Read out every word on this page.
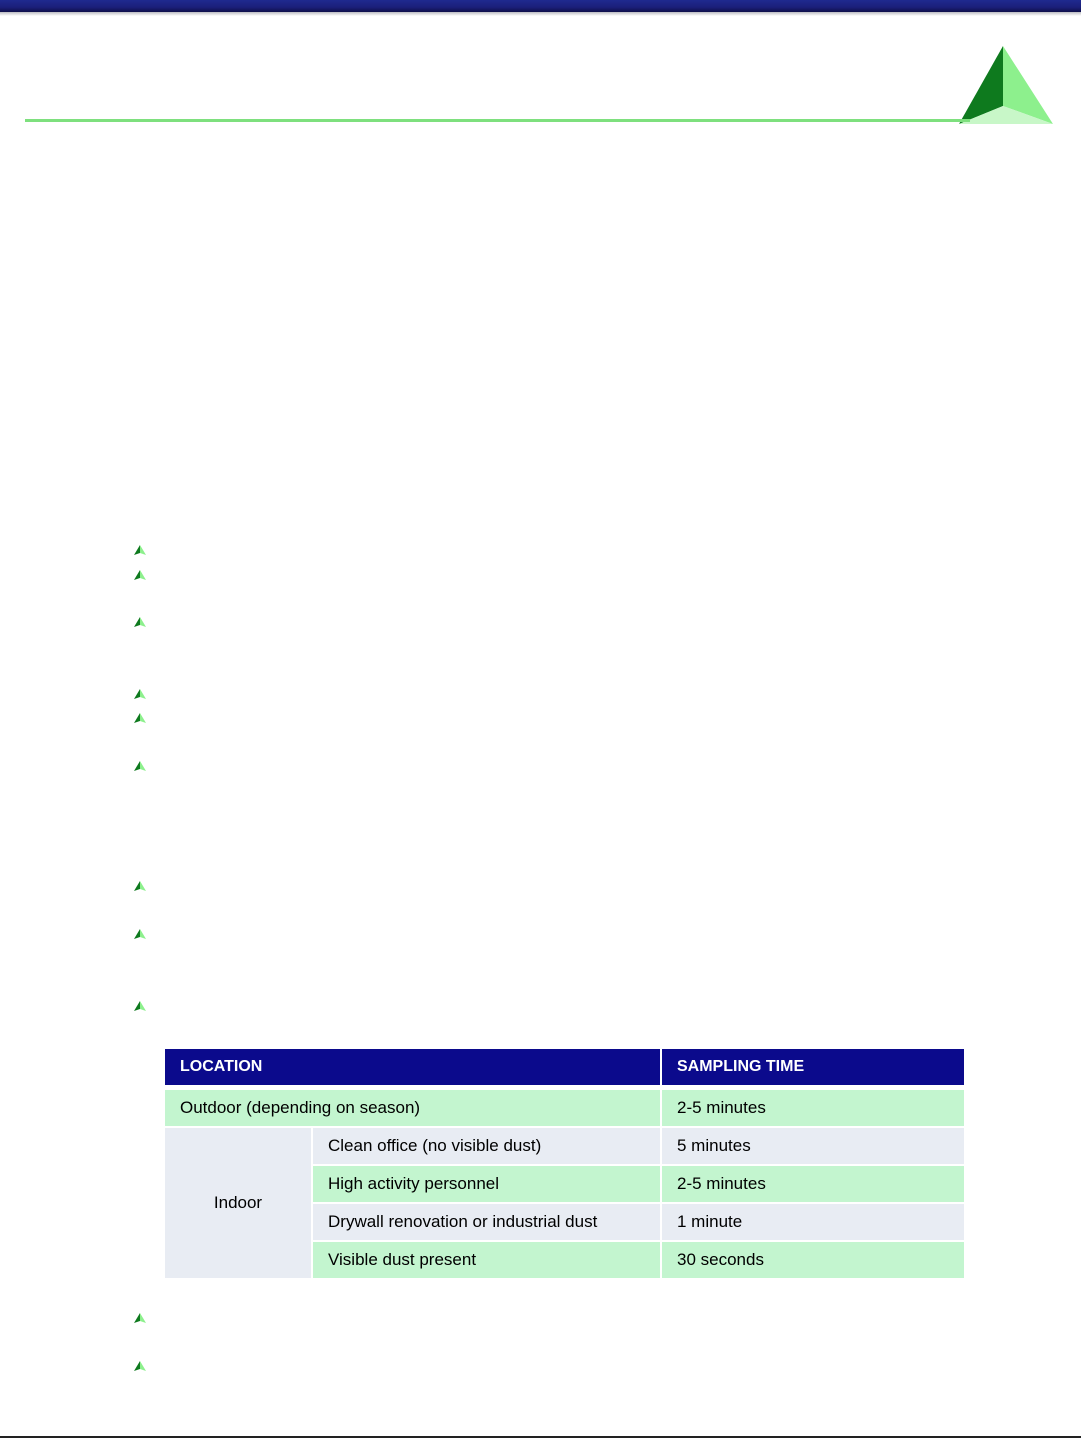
LOCATION		SAMPLING TIME
Outdoor (depending on season)		2-5 minutes
Indoor	Clean office (no visible dust)	5 minutes
	High activity personnel	2-5 minutes
	Drywall renovation or industrial dust	1 minute
	Visible dust present	30 seconds
